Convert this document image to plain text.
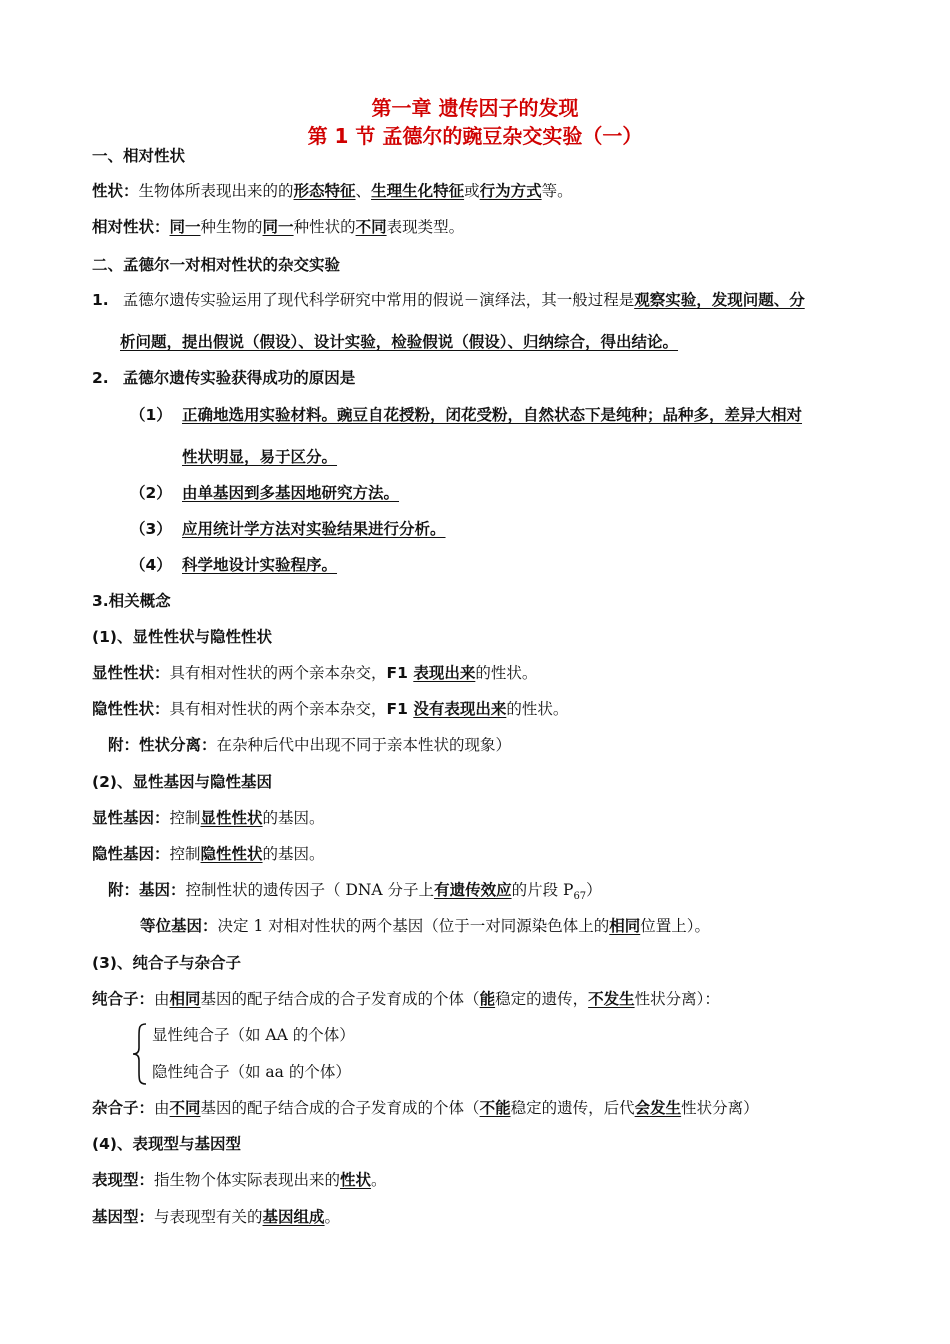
第一章 遗传因子的发现
第 1 节 孟德尔的豌豆杂交实验（一）
一、相对性状
性状：生物体所表现出来的的形态特征、生理生化特征或行为方式等。
相对性状：同一种生物的同一种性状的不同表现类型。
二、孟德尔一对相对性状的杂交实验
1. 孟德尔遗传实验运用了现代科学研究中常用的假说－演绎法，其一般过程是观察实验，发现问题、分
析问题，提出假说（假设）、设计实验，检验假说（假设）、归纳综合，得出结论。
2. 孟德尔遗传实验获得成功的原因是
（1） 正确地选用实验材料。豌豆自花授粉，闭花受粉，自然状态下是纯种；品种多，差异大相对
性状明显，易于区分。
（2） 由单基因到多基因地研究方法。
（3） 应用统计学方法对实验结果进行分析。
（4） 科学地设计实验程序。
3.相关概念
(1)、显性性状与隐性性状
显性性状：具有相对性状的两个亲本杂交，F1 表现出来的性状。
隐性性状：具有相对性状的两个亲本杂交，F1 没有表现出来的性状。
附：性状分离：在杂种后代中出现不同于亲本性状的现象）
(2)、显性基因与隐性基因
显性基因：控制显性性状的基因。
隐性基因：控制隐性性状的基因。
附：基因：控制性状的遗传因子（ DNA 分子上有遗传效应的片段 $P_{67}$）
等位基因：决定 1 对相对性状的两个基因（位于一对同源染色体上的相同位置上）。
(3)、纯合子与杂合子
纯合子：由相同基因的配子结合成的合子发育成的个体（能稳定的遗传，不发生性状分离）：
显性纯合子（如 AA 的个体）
隐性纯合子（如 aa 的个体）
杂合子：由不同基因的配子结合成的合子发育成的个体（不能稳定的遗传，后代会发生性状分离）
(4)、表现型与基因型
表现型：指生物个体实际表现出来的性状。
基因型：与表现型有关的基因组成。
